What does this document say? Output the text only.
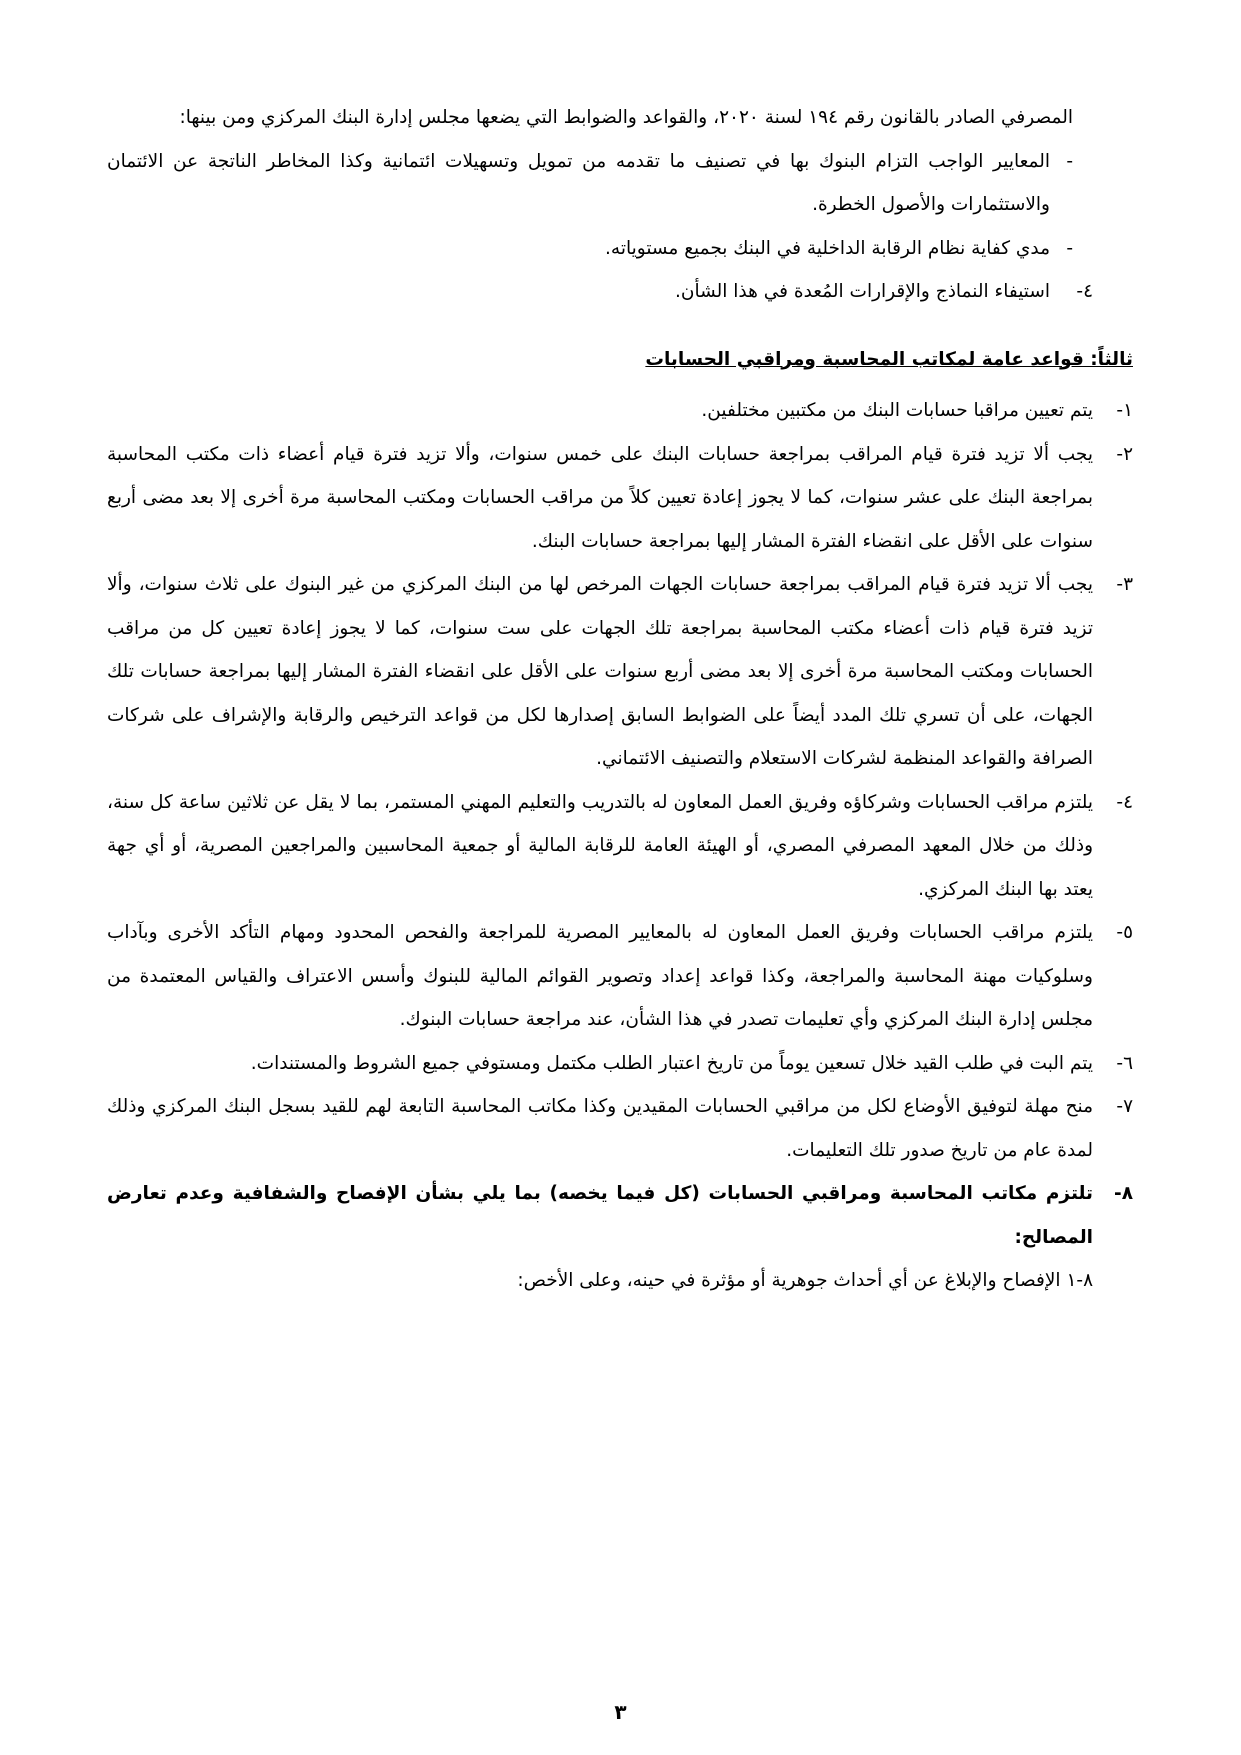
المصرفي الصادر بالقانون رقم ١٩٤ لسنة ٢٠٢٠، والقواعد والضوابط التي يضعها مجلس إدارة البنك المركزي ومن بينها:

-
المعايير الواجب التزام البنوك بها في تصنيف ما تقدمه من تمويل وتسهيلات ائتمانية وكذا المخاطر الناتجة عن الائتمان والاستثمارات والأصول الخطرة.

-
مدي كفاية نظام الرقابة الداخلية في البنك بجميع مستوياته.

٤-
استيفاء النماذج والإقرارات المُعدة في هذا الشأن.

ثالثاً: قواعد عامة لمكاتب المحاسبة ومراقبي الحسابات

١-
يتم تعيين مراقبا حسابات البنك من مكتبين مختلفين.

٢-
يجب ألا تزيد فترة قيام المراقب بمراجعة حسابات البنك على خمس سنوات، وألا تزيد فترة قيام أعضاء ذات مكتب المحاسبة بمراجعة البنك على عشر سنوات، كما لا يجوز إعادة تعيين كلاً من مراقب الحسابات ومكتب المحاسبة مرة أخرى إلا بعد مضى أربع سنوات على الأقل على انقضاء الفترة المشار إليها بمراجعة حسابات البنك.

٣-
يجب ألا تزيد فترة قيام المراقب بمراجعة حسابات الجهات المرخص لها من البنك المركزي من غير البنوك على ثلاث سنوات، وألا تزيد فترة قيام ذات أعضاء مكتب المحاسبة بمراجعة تلك الجهات على ست سنوات، كما لا يجوز إعادة تعيين كل من مراقب الحسابات ومكتب المحاسبة مرة أخرى إلا بعد مضى أربع سنوات على الأقل على انقضاء الفترة المشار إليها بمراجعة حسابات تلك الجهات، على أن تسري تلك المدد أيضاً على الضوابط السابق إصدارها لكل من قواعد الترخيص والرقابة والإشراف على شركات الصرافة والقواعد المنظمة لشركات الاستعلام والتصنيف الائتماني.

٤-
يلتزم مراقب الحسابات وشركاؤه وفريق العمل المعاون له بالتدريب والتعليم المهني المستمر، بما لا يقل عن ثلاثين ساعة كل سنة، وذلك من خلال المعهد المصرفي المصري، أو الهيئة العامة للرقابة المالية أو جمعية المحاسبين والمراجعين المصرية، أو أي جهة يعتد بها البنك المركزي.

٥-
يلتزم مراقب الحسابات وفريق العمل المعاون له بالمعايير المصرية للمراجعة والفحص المحدود ومهام التأكد الأخرى وبآداب وسلوكيات مهنة المحاسبة والمراجعة، وكذا قواعد إعداد وتصوير القوائم المالية للبنوك وأسس الاعتراف والقياس المعتمدة من مجلس إدارة البنك المركزي وأي تعليمات تصدر في هذا الشأن، عند مراجعة حسابات البنوك.

٦-
يتم البت في طلب القيد خلال تسعين يوماً من تاريخ اعتبار الطلب مكتمل ومستوفي جميع الشروط والمستندات.

٧-
منح مهلة لتوفيق الأوضاع لكل من مراقبي الحسابات المقيدين وكذا مكاتب المحاسبة التابعة لهم للقيد بسجل البنك المركزي وذلك لمدة عام من تاريخ صدور تلك التعليمات.

٨-
تلتزم مكاتب المحاسبة ومراقبي الحسابات (كل فيما يخصه) بما يلي بشأن الإفصاح والشفافية وعدم تعارض المصالح:

٨-١ الإفصاح والإبلاغ عن أي أحداث جوهرية أو مؤثرة في حينه، وعلى الأخص:

٣
